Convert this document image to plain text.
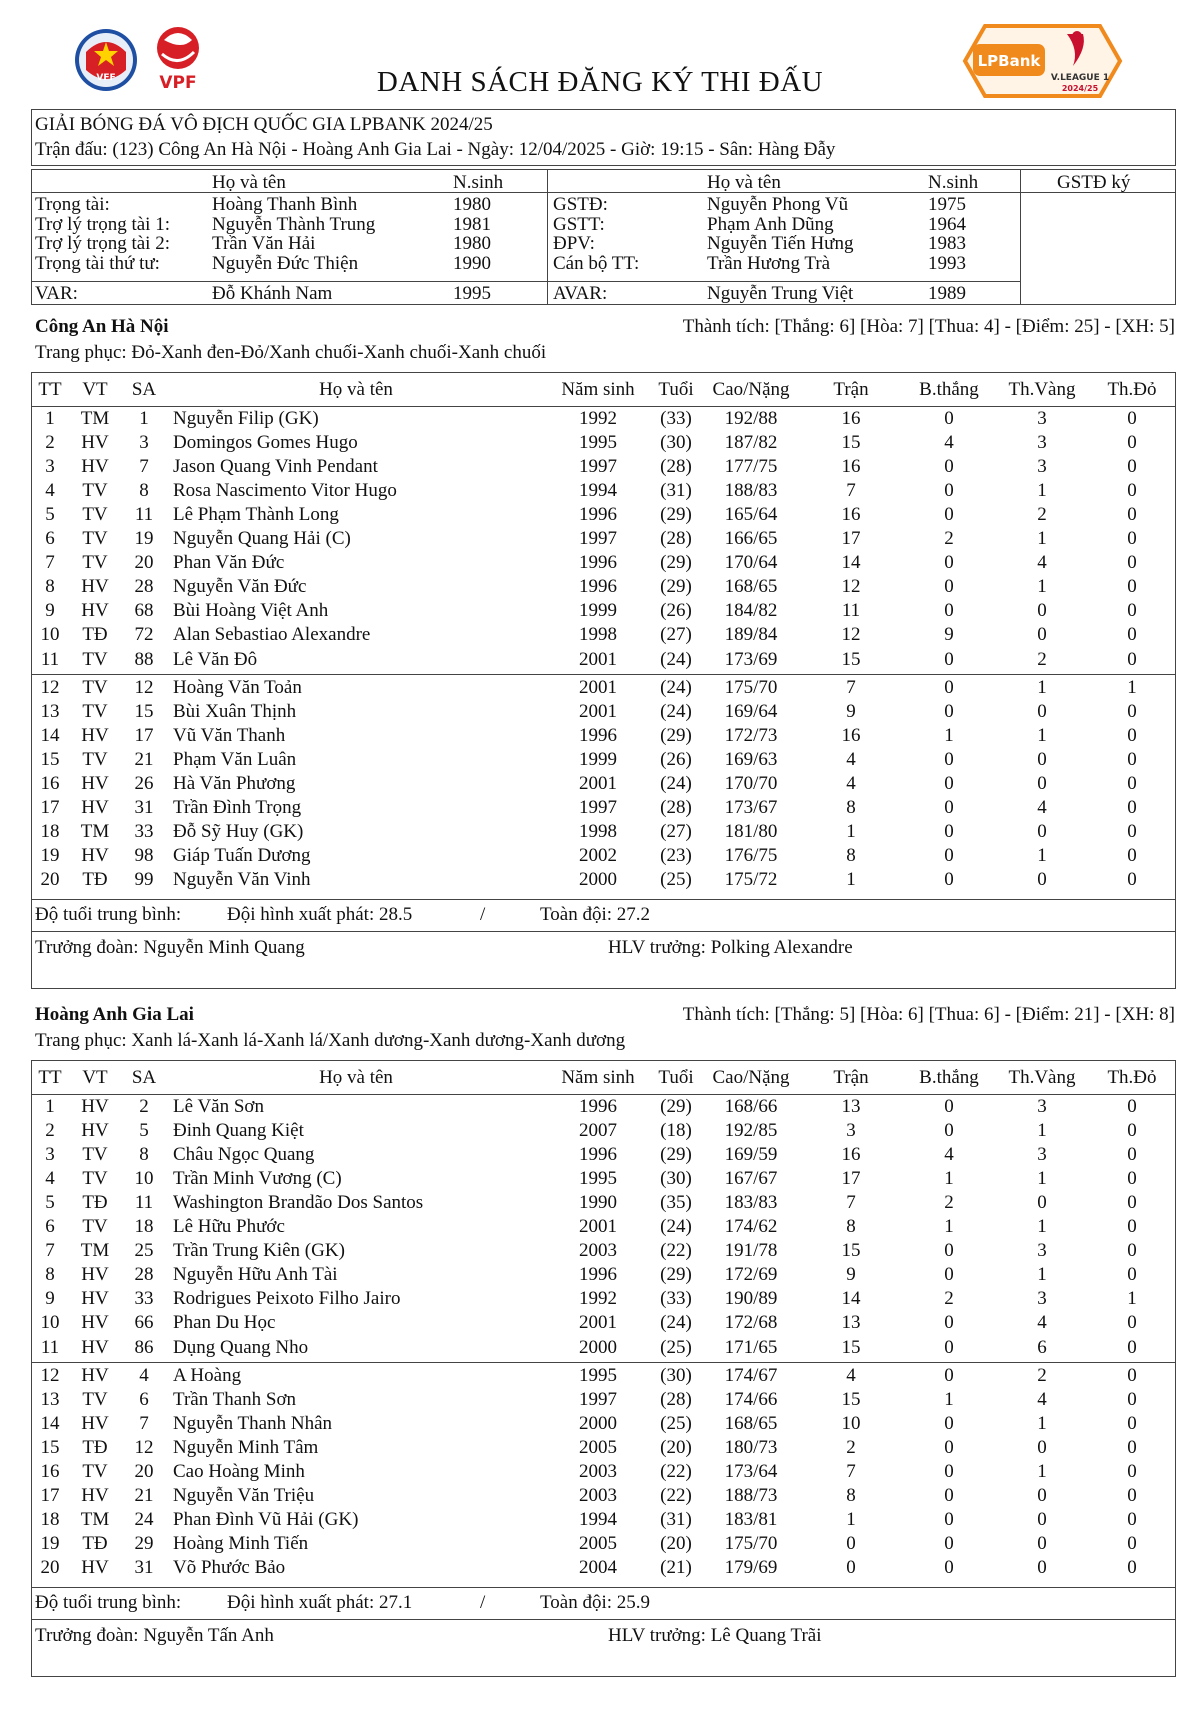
VFF	VPF
LPBank
V.LEAGUE 1
2024/25
DANH SÁCH ĐĂNG KÝ THI ĐẤU
GIẢI BÓNG ĐÁ VÔ ĐỊCH QUỐC GIA LPBANK 2024/25
Trận đấu: (123) Công An Hà Nội - Hoàng Anh Gia Lai - Ngày: 12/04/2025 - Giờ: 19:15 - Sân: Hàng Đẫy
Họ và tên	N.sinh	Họ và tên	N.sinh	GSTĐ ký
Trọng tài:	Hoàng Thanh Bình	1980
Trợ lý trọng tài 1: Nguyễn Thành Trung	1981
Trợ lý trọng tài 2: Trần Văn Hải	1980
Trọng tài thứ tư:	Nguyễn Đức Thiện	1990
VAR:	Đỗ Khánh Nam	1995
GSTĐ:	Nguyễn Phong Vũ	1975
GSTT:	Phạm Anh Dũng	1964
ĐPV:	Nguyễn Tiến Hưng	1983
Cán bộ TT:	Trần Hương Trà	1993
AVAR:	Nguyễn Trung Việt	1989
Công An Hà Nội	Thành tích: [Thắng: 6] [Hòa: 7] [Thua: 4] - [Điểm: 25] - [XH: 5]
Trang phục: Đỏ-Xanh đen-Đỏ/Xanh chuối-Xanh chuối-Xanh chuối
TT	VT	SA	Họ và tên	Năm sinh	Tuổi Cao/Nặng	Trận	B.thắng	Th.Vàng	Th.Đỏ
1	TM	1	Nguyễn Filip (GK)	1992	(33)	192/88	16	0	3	0
2	HV	3	Domingos Gomes Hugo	1995	(30)	187/82	15	4	3	0
3	HV	7	Jason Quang Vinh Pendant	1997	(28)	177/75	16	0	3	0
4	TV	8	Rosa Nascimento Vitor Hugo	1994	(31)	188/83	7	0	1	0
5	TV	11	Lê Phạm Thành Long	1996	(29)	165/64	16	0	2	0
6	TV	19	Nguyễn Quang Hải (C)	1997	(28)	166/65	17	2	1	0
7	TV	20	Phan Văn Đức	1996	(29)	170/64	14	0	4	0
8	HV	28	Nguyễn Văn Đức	1996	(29)	168/65	12	0	1	0
9	HV	68	Bùi Hoàng Việt Anh	1999	(26)	184/82	11	0	0	0
10	TĐ	72	Alan Sebastiao Alexandre	1998	(27)	189/84	12	9	0	0
11	TV	88	Lê Văn Đô	2001	(24)	173/69	15	0	2	0
12	TV	12	Hoàng Văn Toản	2001	(24)	175/70	7	0	1	1
13	TV	15	Bùi Xuân Thịnh	2001	(24)	169/64	9	0	0	0
14	HV	17	Vũ Văn Thanh	1996	(29)	172/73	16	1	1	0
15	TV	21	Phạm Văn Luân	1999	(26)	169/63	4	0	0	0
16	HV	26	Hà Văn Phương	2001	(24)	170/70	4	0	0	0
17	HV	31	Trần Đình Trọng	1997	(28)	173/67	8	0	4	0
18	TM	33	Đỗ Sỹ Huy (GK)	1998	(27)	181/80	1	0	0	0
19	HV	98	Giáp Tuấn Dương	2002	(23)	176/75	8	0	1	0
20	TĐ	99	Nguyễn Văn Vinh	2000	(25)	175/72	1	0	0	0
Độ tuổi trung bình: Đội hình xuất phát: 28.5	/	Toàn đội: 27.2
Trưởng đoàn: Nguyễn Minh Quang	HLV trưởng: Polking Alexandre
Hoàng Anh Gia Lai	Thành tích: [Thắng: 5] [Hòa: 6] [Thua: 6] - [Điểm: 21] - [XH: 8]
Trang phục: Xanh lá-Xanh lá-Xanh lá/Xanh dương-Xanh dương-Xanh dương
TT	VT	SA	Họ và tên	Năm sinh	Tuổi Cao/Nặng	Trận	B.thắng	Th.Vàng	Th.Đỏ
1	HV	2	Lê Văn Sơn	1996	(29)	168/66	13	0	3	0
2	HV	5	Đinh Quang Kiệt	2007	(18)	192/85	3	0	1	0
3	TV	8	Châu Ngọc Quang	1996	(29)	169/59	16	4	3	0
4	TV	10	Trần Minh Vương (C)	1995	(30)	167/67	17	1	1	0
5	TĐ	11	Washington Brandão Dos Santos	1990	(35)	183/83	7	2	0	0
6	TV	18	Lê Hữu Phước	2001	(24)	174/62	8	1	1	0
7	TM	25	Trần Trung Kiên (GK)	2003	(22)	191/78	15	0	3	0
8	HV	28	Nguyễn Hữu Anh Tài	1996	(29)	172/69	9	0	1	0
9	HV	33	Rodrigues Peixoto Filho Jairo	1992	(33)	190/89	14	2	3	1
10	HV	66	Phan Du Học	2001	(24)	172/68	13	0	4	0
11	HV	86	Dụng Quang Nho	2000	(25)	171/65	15	0	6	0
12	HV	4	A Hoàng	1995	(30)	174/67	4	0	2	0
13	TV	6	Trần Thanh Sơn	1997	(28)	174/66	15	1	4	0
14	HV	7	Nguyễn Thanh Nhân	2000	(25)	168/65	10	0	1	0
15	TĐ	12	Nguyễn Minh Tâm	2005	(20)	180/73	2	0	0	0
16	TV	20	Cao Hoàng Minh	2003	(22)	173/64	7	0	1	0
17	HV	21	Nguyễn Văn Triệu	2003	(22)	188/73	8	0	0	0
18	TM	24	Phan Đình Vũ Hải (GK)	1994	(31)	183/81	1	0	0	0
19	TĐ	29	Hoàng Minh Tiến	2005	(20)	175/70	0	0	0	0
20	HV	31	Võ Phước Bảo	2004	(21)	179/69	0	0	0	0
Độ tuổi trung bình: Đội hình xuất phát: 27.1	/	Toàn đội: 25.9
Trưởng đoàn: Nguyễn Tấn Anh	HLV trưởng: Lê Quang Trãi
